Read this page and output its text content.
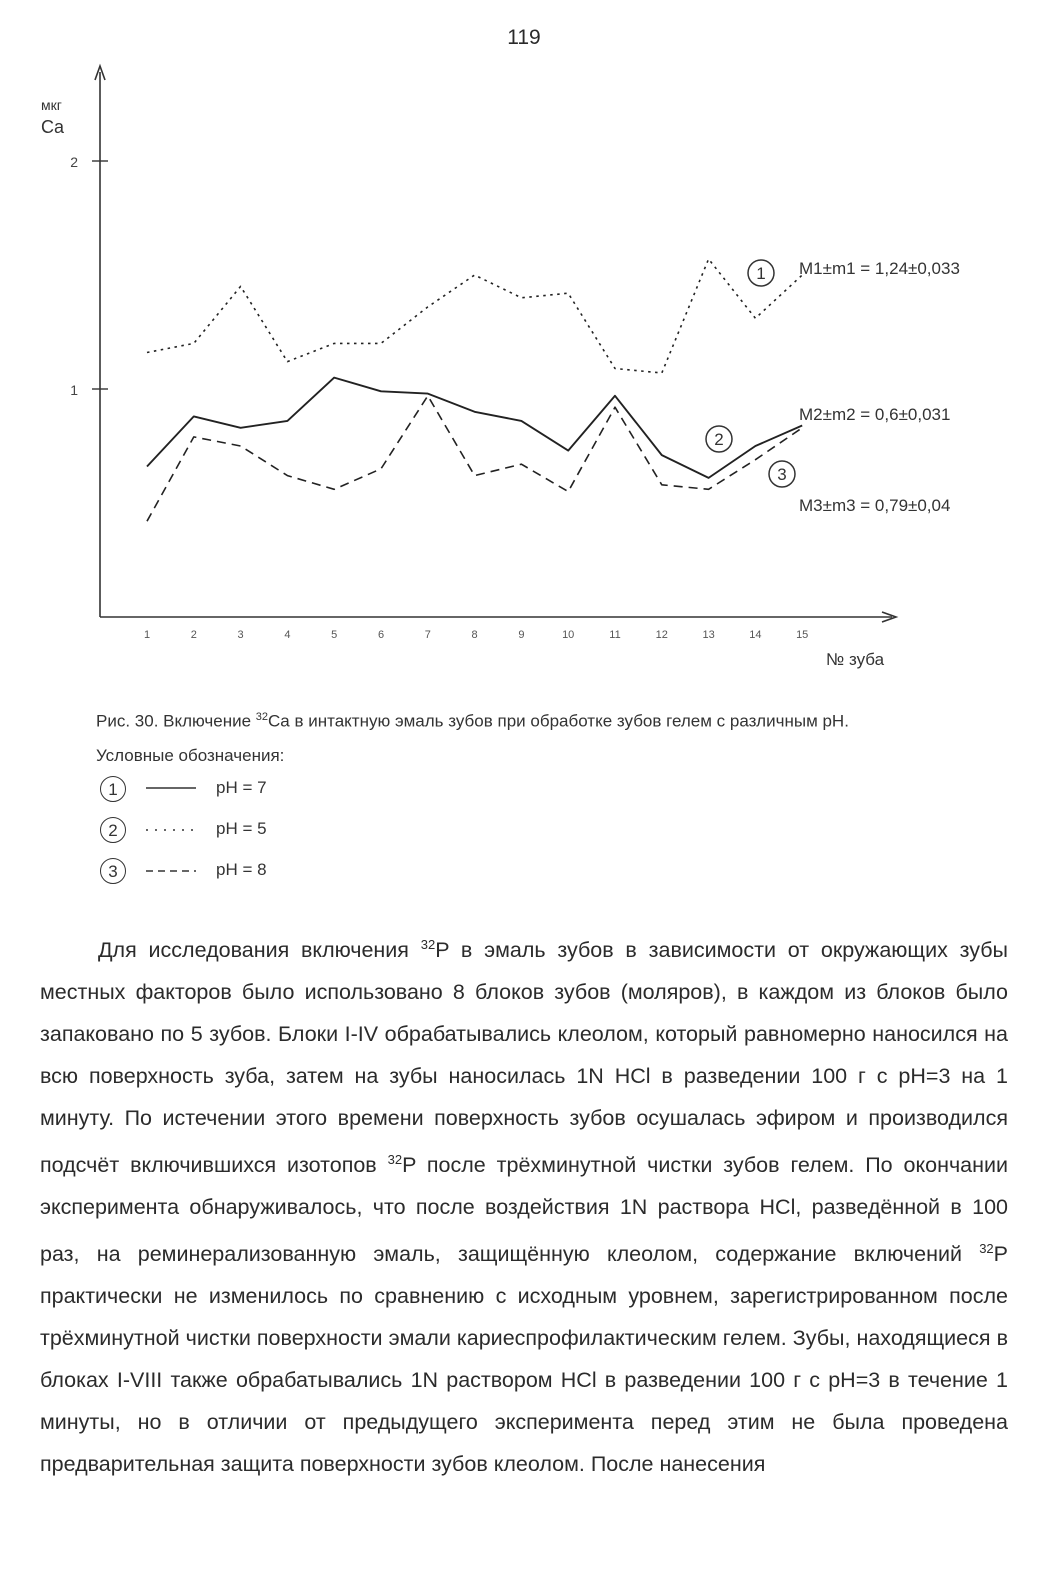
119
мкг
Ca
№ зуба
2
1
1	2	3	4	5	6	7	8	9	10	11	12	13	14	15
1
2
3
M1±m1 = 1,24±0,033
M2±m2 = 0,6±0,031
M3±m3 = 0,79±0,04
Рис. 30. Включение $^{32}$Ca в интактную эмаль зубов при обработке зубов гелем с различным pH.
Условные обозначения:
1	pH = 7
2	pH = 5
3	pH = 8

Для исследования включения $^{32}$P в эмаль зубов в зависимости от окружающих зубы местных факторов было использовано 8 блоков зубов (моляров), в каждом из блоков было запаковано по 5 зубов. Блоки I-IV обрабатывались клеолом, который равномерно наносился на всю поверхность зуба, затем на зубы наносилась 1N HCl в разведении 100 г с pH=3 на 1 минуту. По истечении этого времени поверхность зубов осушалась эфиром и производился подсчёт включившихся изотопов $^{32}$P после трёхминутной чистки зубов гелем. По окончании эксперимента обнаруживалось, что после воздействия 1N раствора HCl, разведённой в 100 раз, на реминерализованную эмаль, защищённую клеолом, содержание включений $^{32}$P практически не изменилось по сравнению с исходным уровнем, зарегистрированном после трёхминутной чистки поверхности эмали кариеспрофилактическим гелем. Зубы, находящиеся в блоках I-VIII также обрабатывались 1N раствором HCl в разведении 100 г с pH=3 в течение 1 минуты, но в отличии от предыдущего эксперимента перед этим не была проведена предварительная защита поверхности зубов клеолом. После нанесения
